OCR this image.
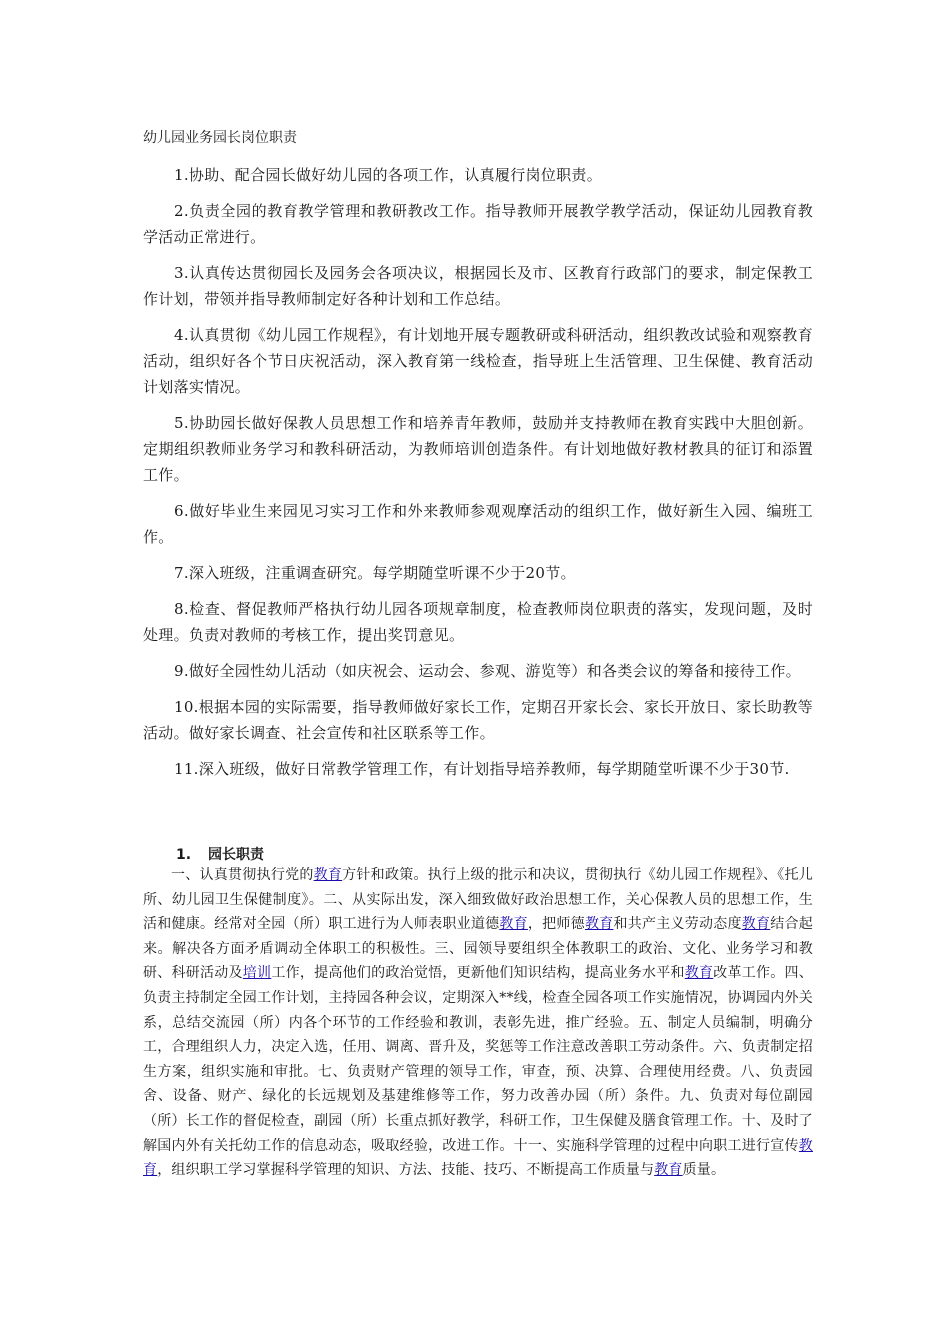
幼儿园业务园长岗位职责

1.协助、配合园长做好幼儿园的各项工作，认真履行岗位职责。

2.负责全园的教育教学管理和教研教改工作。指导教师开展教学教学活动，保证幼儿园教育教学活动正常进行。

3.认真传达贯彻园长及园务会各项决议，根据园长及市、区教育行政部门的要求，制定保教工作计划，带领并指导教师制定好各种计划和工作总结。

4.认真贯彻《幼儿园工作规程》，有计划地开展专题教研或科研活动，组织教改试验和观察教育活动，组织好各个节日庆祝活动，深入教育第一线检查，指导班上生活管理、卫生保健、教育活动计划落实情况。

5.协助园长做好保教人员思想工作和培养青年教师，鼓励并支持教师在教育实践中大胆创新。定期组织教师业务学习和教科研活动，为教师培训创造条件。有计划地做好教材教具的征订和添置工作。

6.做好毕业生来园见习实习工作和外来教师参观观摩活动的组织工作，做好新生入园、编班工作。

7.深入班级，注重调查研究。每学期随堂听课不少于20节。

8.检查、督促教师严格执行幼儿园各项规章制度，检查教师岗位职责的落实，发现问题，及时处理。负责对教师的考核工作，提出奖罚意见。

9.做好全园性幼儿活动（如庆祝会、运动会、参观、游览等）和各类会议的筹备和接待工作。

10.根据本园的实际需要，指导教师做好家长工作，定期召开家长会、家长开放日、家长助教等活动。做好家长调查、社会宣传和社区联系等工作。

11.深入班级，做好日常教学管理工作，有计划指导培养教师，每学期随堂听课不少于30节.

1. 园长职责

一、认真贯彻执行党的教育方针和政策。执行上级的批示和决议，贯彻执行《幼儿园工作规程》、《托儿所、幼儿园卫生保健制度》。二、从实际出发，深入细致做好政治思想工作，关心保教人员的思想工作，生活和健康。经常对全园（所）职工进行为人师表职业道德教育，把师德教育和共产主义劳动态度教育结合起来。解决各方面矛盾调动全体职工的积极性。三、园领导要组织全体教职工的政治、文化、业务学习和教研、科研活动及培训工作，提高他们的政治觉悟，更新他们知识结构，提高业务水平和教育改革工作。四、负责主持制定全园工作计划，主持园各种会议，定期深入**线，检查全园各项工作实施情况，协调园内外关系，总结交流园（所）内各个环节的工作经验和教训，表彰先进，推广经验。五、制定人员编制，明确分工，合理组织人力，决定入选，任用、调离、晋升及，奖惩等工作注意改善职工劳动条件。六、负责制定招生方案，组织实施和审批。七、负责财产管理的领导工作，审查，预、决算、合理使用经费。八、负责园舍、设备、财产、绿化的长远规划及基建维修等工作，努力改善办园（所）条件。九、负责对每位副园（所）长工作的督促检查，副园（所）长重点抓好教学，科研工作，卫生保健及膳食管理工作。十、及时了解国内外有关托幼工作的信息动态，吸取经验，改进工作。十一、实施科学管理的过程中向职工进行宣传教育，组织职工学习掌握科学管理的知识、方法、技能、技巧、不断提高工作质量与教育质量。
